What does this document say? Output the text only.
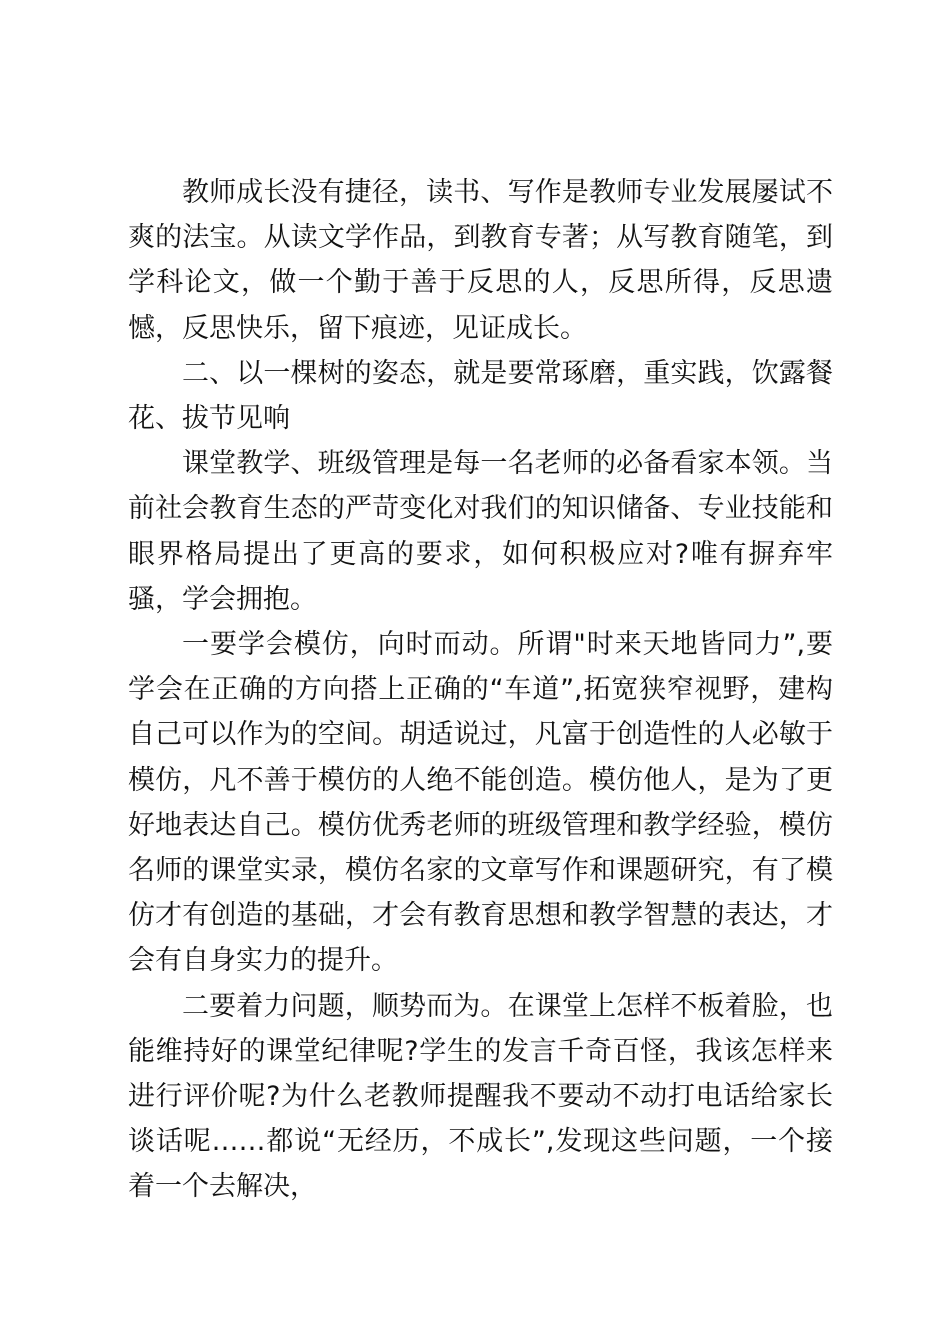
教师成长没有捷径，读书、写作是教师专业发展屡试不爽的法宝。从读文学作品，到教育专著；从写教育随笔，到学科论文，做一个勤于善于反思的人，反思所得，反思遗憾，反思快乐，留下痕迹，见证成长。

二、以一棵树的姿态，就是要常琢磨，重实践，饮露餐花、拔节见响

课堂教学、班级管理是每一名老师的必备看家本领。当前社会教育生态的严苛变化对我们的知识储备、专业技能和眼界格局提出了更高的要求，如何积极应对?唯有摒弃牢骚，学会拥抱。

一要学会模仿，向时而动。所谓"时来天地皆同力”,要学会在正确的方向搭上正确的“车道”,拓宽狭窄视野，建构自己可以作为的空间。胡适说过，凡富于创造性的人必敏于模仿，凡不善于模仿的人绝不能创造。模仿他人，是为了更好地表达自己。模仿优秀老师的班级管理和教学经验，模仿名师的课堂实录，模仿名家的文章写作和课题研究，有了模仿才有创造的基础，才会有教育思想和教学智慧的表达，才会有自身实力的提升。

二要着力问题，顺势而为。在课堂上怎样不板着脸，也能维持好的课堂纪律呢?学生的发言千奇百怪，我该怎样来进行评价呢?为什么老教师提醒我不要动不动打电话给家长谈话呢……都说“无经历，不成长”,发现这些问题，一个接着一个去解决，
